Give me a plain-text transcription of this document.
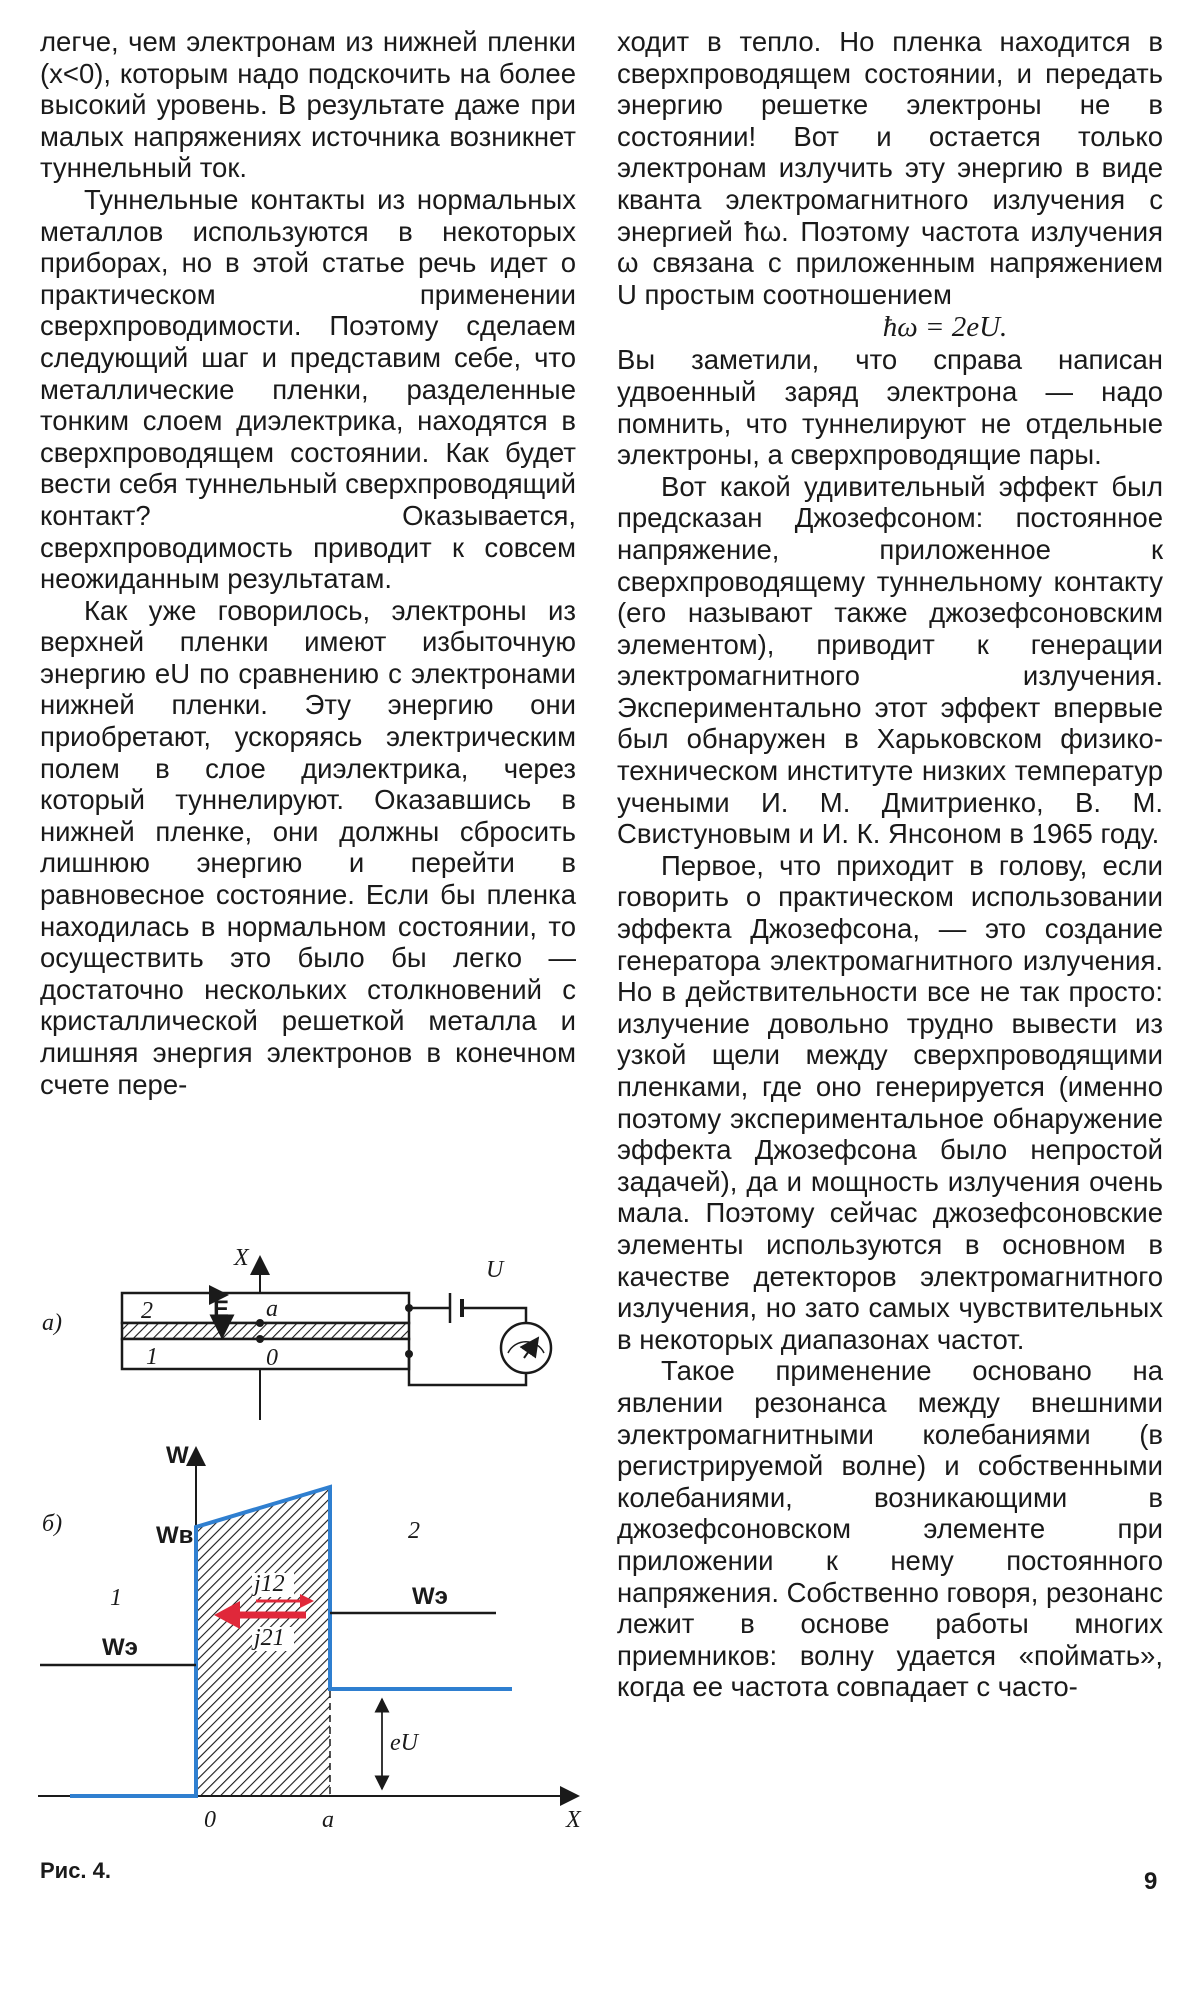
легче, чем электронам из нижней пленки (x<0), которым надо подскочить на более высокий уровень. В результате даже при малых напряжениях источника возникнет туннельный ток.

Туннельные контакты из нормальных металлов используются в некоторых приборах, но в этой статье речь идет о практическом применении сверхпроводимости. Поэтому сделаем следующий шаг и представим себе, что металлические пленки, разделенные тонким слоем диэлектрика, находятся в сверхпроводящем состоянии. Как будет вести себя туннельный сверхпроводящий контакт? Оказывается, сверхпроводимость приводит к совсем неожиданным результатам.

Как уже говорилось, электроны из верхней пленки имеют избыточную энергию eU по сравнению с электронами нижней пленки. Эту энергию они приобретают, ускоряясь электрическим полем в слое диэлектрика, через который туннелируют. Оказавшись в нижней пленке, они должны сбросить лишнюю энергию и перейти в равновесное состояние. Если бы пленка находилась в нормальном состоянии, то осуществить это было бы легко — достаточно нескольких столкновений с кристаллической решеткой металла и лишняя энергия электронов в конечном счете пере-

ходит в тепло. Но пленка находится в сверхпроводящем состоянии, и передать энергию решетке электроны не в состоянии! Вот и остается только электронам излучить эту энергию в виде кванта электромагнитного излучения с энергией ħω. Поэтому частота излучения ω связана с приложенным напряжением U простым соотношением

ħω = 2eU.

Вы заметили, что справа написан удвоенный заряд электрона — надо помнить, что туннелируют не отдельные электроны, а сверхпроводящие пары.

Вот какой удивительный эффект был предсказан Джозефсоном: постоянное напряжение, приложенное к сверхпроводящему туннельному контакту (его называют также джозефсоновским элементом), приводит к генерации электромагнитного излучения. Экспериментально этот эффект впервые был обнаружен в Харьковском физико-техническом институте низких температур учеными И. М. Дмитриенко, В. М. Свистуновым и И. К. Янсоном в 1965 году.

Первое, что приходит в голову, если говорить о практическом использовании эффекта Джозефсона, — это создание генератора электромагнитного излучения. Но в действительности все не так просто: излучение довольно трудно вывести из узкой щели между сверхпроводящими пленками, где оно генерируется (именно поэтому экспериментальное обнаружение эффекта Джозефсона было непростой задачей), да и мощность излучения очень мала. Поэтому сейчас джозефсоновские элементы используются в основном в качестве детекторов электромагнитного излучения, но зато самых чувствительных в некоторых диапазонах частот.

Такое применение основано на явлении резонанса между внешними электромагнитными колебаниями (в регистрируемой волне) и собственными колебаниями, возникающими в джозефсоновском элементе при приложении к нему постоянного напряжения. Собственно говоря, резонанс лежит в основе работы многих приемников: волну удается «поймать», когда ее частота совпадает с часто-

а)
X
2
1
E a
0
U
б)
W
X
Wэ
Wэ
Wв
1
2
j12
j21
eU
0	a
Рис. 4.	9
